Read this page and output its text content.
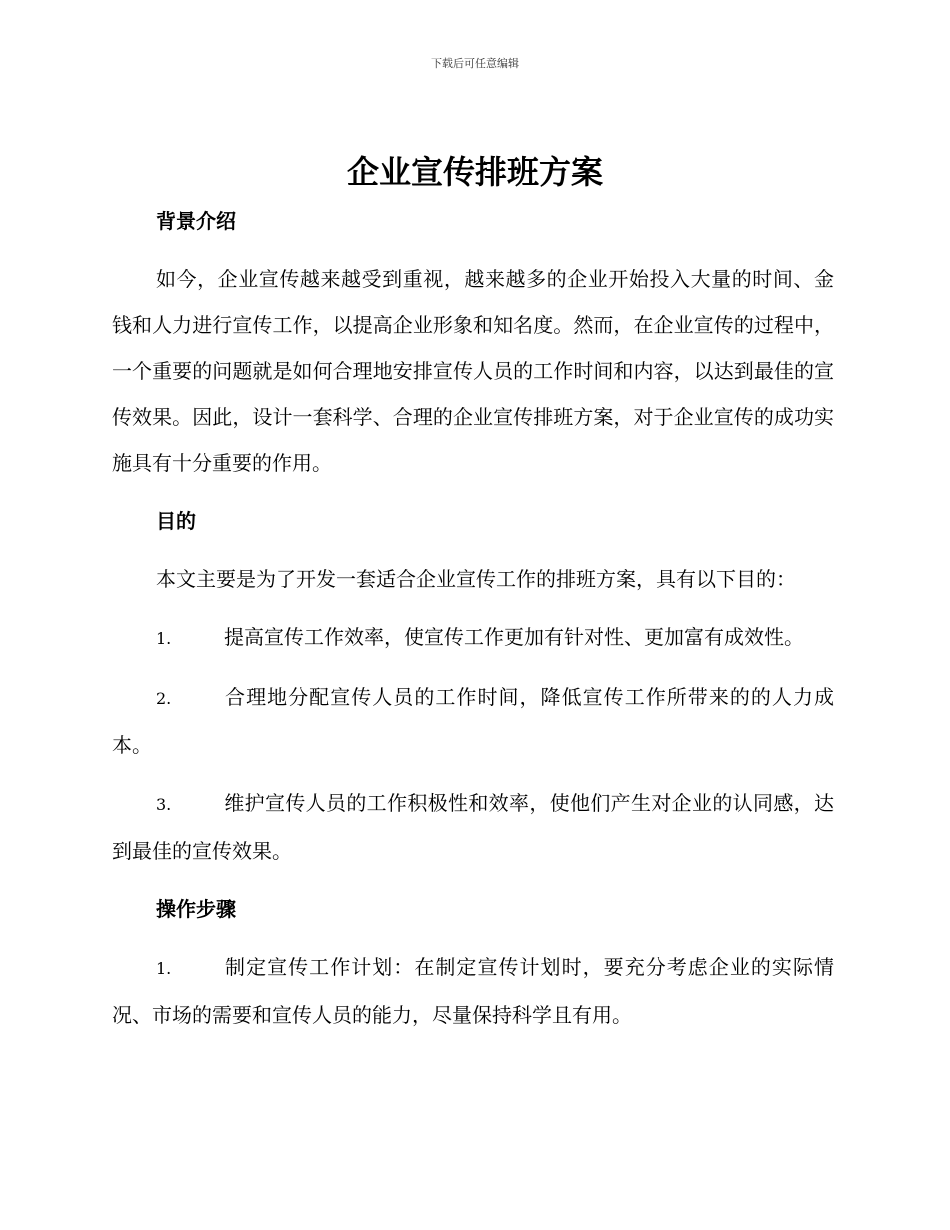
下载后可任意编辑
企业宣传排班方案
背景介绍

如今，企业宣传越来越受到重视，越来越多的企业开始投入大量的时间、金钱和人力进行宣传工作，以提高企业形象和知名度。然而，在企业宣传的过程中，一个重要的问题就是如何合理地安排宣传人员的工作时间和内容，以达到最佳的宣传效果。因此，设计一套科学、合理的企业宣传排班方案，对于企业宣传的成功实施具有十分重要的作用。

目的

本文主要是为了开发一套适合企业宣传工作的排班方案，具有以下目的：

1.	提高宣传工作效率，使宣传工作更加有针对性、更加富有成效性。

2.	合理地分配宣传人员的工作时间，降低宣传工作所带来的的人力成本。

3.	维护宣传人员的工作积极性和效率，使他们产生对企业的认同感，达到最佳的宣传效果。

操作步骤

1.	制定宣传工作计划：在制定宣传计划时，要充分考虑企业的实际情况、市场的需要和宣传人员的能力，尽量保持科学且有用。
